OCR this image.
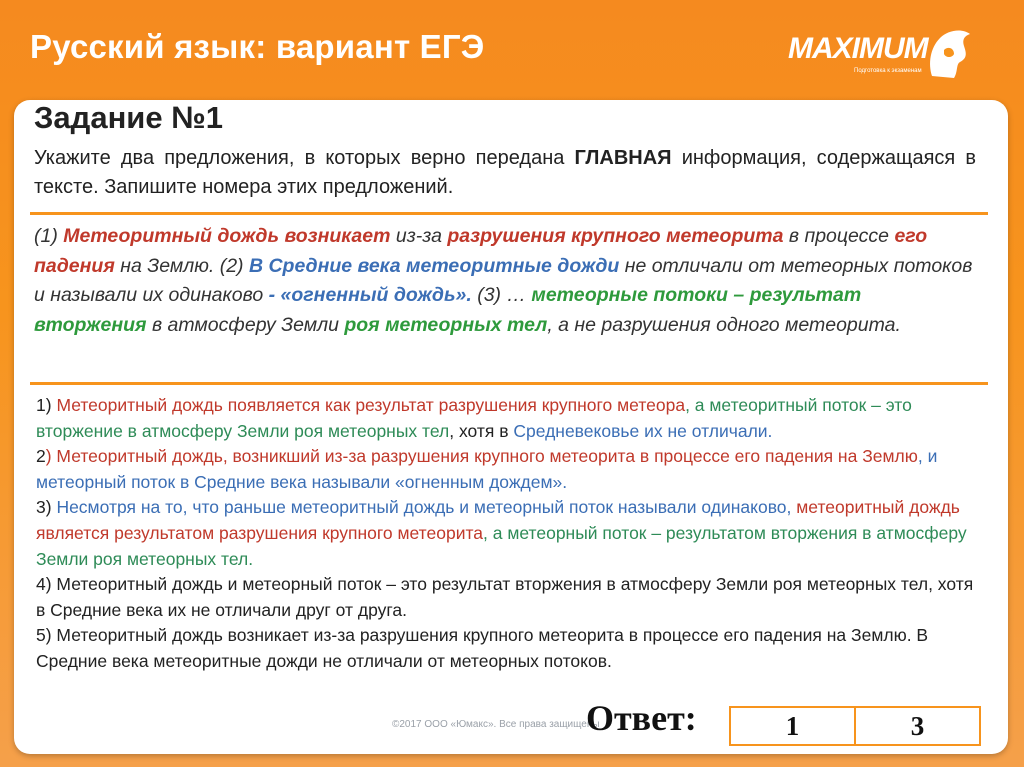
Русский язык: вариант ЕГЭ	MAXIMUM
Подготовка к экзаменам
Задание №1
Укажите два предложения, в которых верно передана ГЛАВНАЯ информация, содержащаяся в тексте. Запишите номера этих предложений.
(1) Метеоритный дождь возникает из-за разрушения крупного метеорита в процессе его падения на Землю. (2) В Средние века метеоритные дожди не отличали от метеорных потоков и называли их одинаково - «огненный дождь». (3) … метеорные потоки – результат вторжения в атмосферу Земли роя метеорных тел, а не разрушения одного метеорита.
1) Метеоритный дождь появляется как результат разрушения крупного метеора, а метеоритный поток – это вторжение в атмосферу Земли роя метеорных тел, хотя в Средневековье их не отличали.
2) Метеоритный дождь, возникший из-за разрушения крупного метеорита в процессе его падения на Землю, и метеорный поток в Средние века называли «огненным дождем».
3) Несмотря на то, что раньше метеоритный дождь и метеорный поток называли одинаково, метеоритный дождь является результатом разрушения крупного метеорита, а метеорный поток – результатом вторжения в атмосферу Земли роя метеорных тел.
4) Метеоритный дождь и метеорный поток – это результат вторжения в атмосферу Земли роя метеорных тел, хотя в Средние века их не отличали друг от друга.
5) Метеоритный дождь возникает из-за разрушения крупного метеорита в процессе его падения на Землю. В Средние века метеоритные дожди не отличали от метеорных потоков.
©2017 ООО «Юмакс». Все права защищены
Ответ:	1	3
